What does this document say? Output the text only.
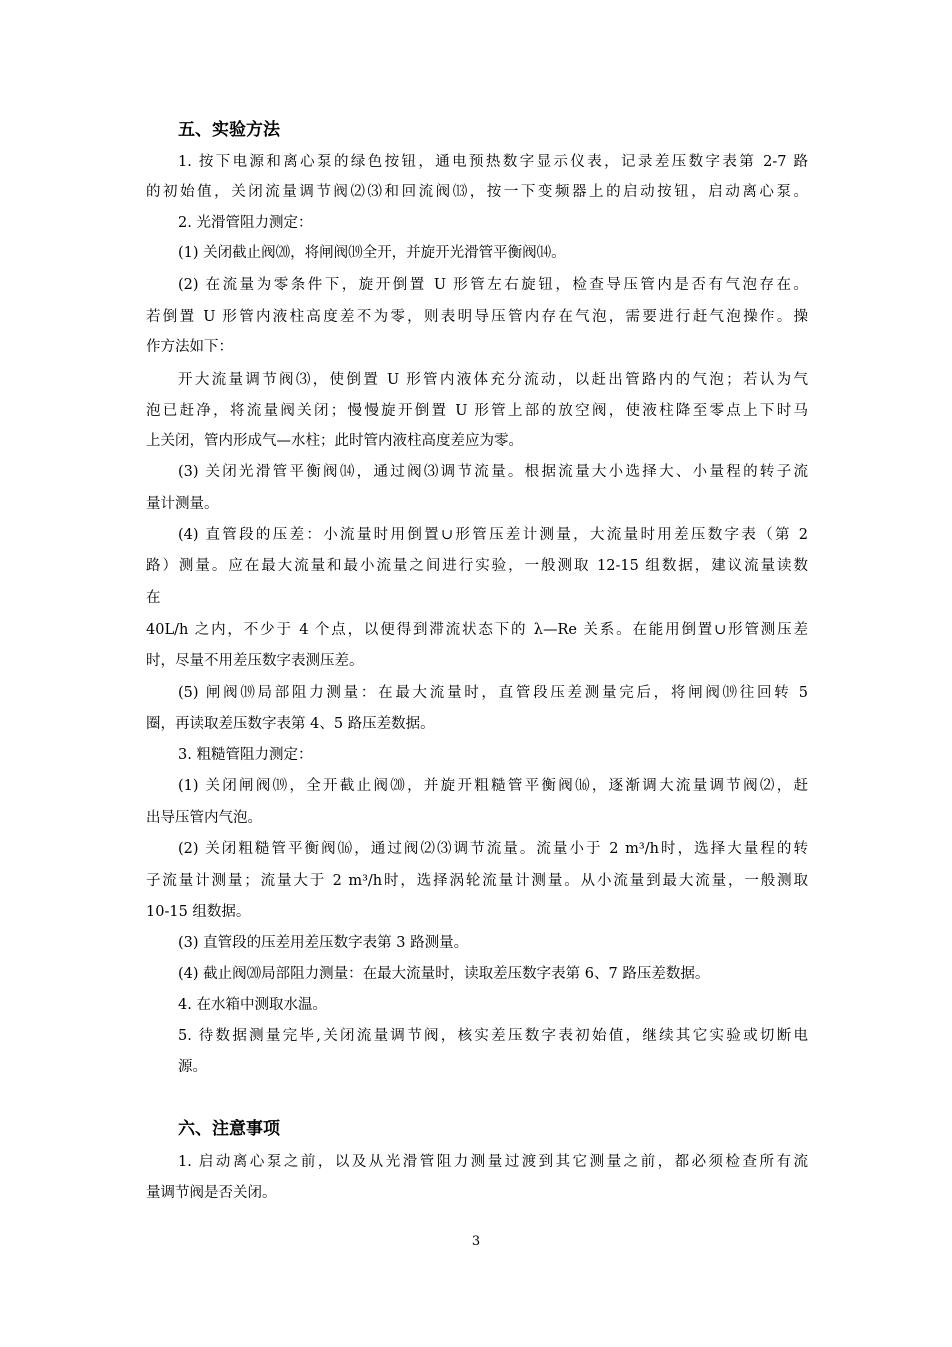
五、实验方法
1. 按下电源和离心泵的绿色按钮，通电预热数字显示仪表，记录差压数字表第 2-7 路
的初始值，关闭流量调节阀⑵⑶和回流阀⒀，按一下变频器上的启动按钮，启动离心泵。
2. 光滑管阻力测定：
(1) 关闭截止阀⒇，将闸阀⒆全开，并旋开光滑管平衡阀⒁。
(2) 在流量为零条件下，旋开倒置 U 形管左右旋钮，检查导压管内是否有气泡存在。
若倒置 U 形管内液柱高度差不为零，则表明导压管内存在气泡，需要进行赶气泡操作。操
作方法如下：
开大流量调节阀⑶，使倒置 U 形管内液体充分流动，以赶出管路内的气泡；若认为气
泡已赶净，将流量阀关闭；慢慢旋开倒置 U 形管上部的放空阀，使液柱降至零点上下时马
上关闭，管内形成气—水柱；此时管内液柱高度差应为零。
(3) 关闭光滑管平衡阀⒁，通过阀⑶调节流量。根据流量大小选择大、小量程的转子流
量计测量。
(4) 直管段的压差：小流量时用倒置∪形管压差计测量，大流量时用差压数字表（第 2
路）测量。应在最大流量和最小流量之间进行实验，一般测取 12-15 组数据，建议流量读数
在
40L/h 之内，不少于 4 个点，以便得到滞流状态下的 λ—Re 关系。在能用倒置∪形管测压差
时，尽量不用差压数字表测压差。
(5) 闸阀⒆局部阻力测量：在最大流量时，直管段压差测量完后，将闸阀⒆往回转 5
圈，再读取差压数字表第 4、5 路压差数据。
3. 粗糙管阻力测定：
(1) 关闭闸阀⒆，全开截止阀⒇，并旋开粗糙管平衡阀⒃，逐渐调大流量调节阀⑵，赶
出导压管内气泡。
(2) 关闭粗糙管平衡阀⒃，通过阀⑵⑶调节流量。流量小于 2 m³/h时，选择大量程的转
子流量计测量；流量大于 2 m³/h时，选择涡轮流量计测量。从小流量到最大流量，一般测取
10-15 组数据。
(3) 直管段的压差用差压数字表第 3 路测量。
(4) 截止阀⒇局部阻力测量：在最大流量时，读取差压数字表第 6、7 路压差数据。
4. 在水箱中测取水温。
5. 待数据测量完毕,关闭流量调节阀，核实差压数字表初始值，继续其它实验或切断电
源。
六、注意事项
1. 启动离心泵之前，以及从光滑管阻力测量过渡到其它测量之前，都必须检查所有流
量调节阀是否关闭。
3
